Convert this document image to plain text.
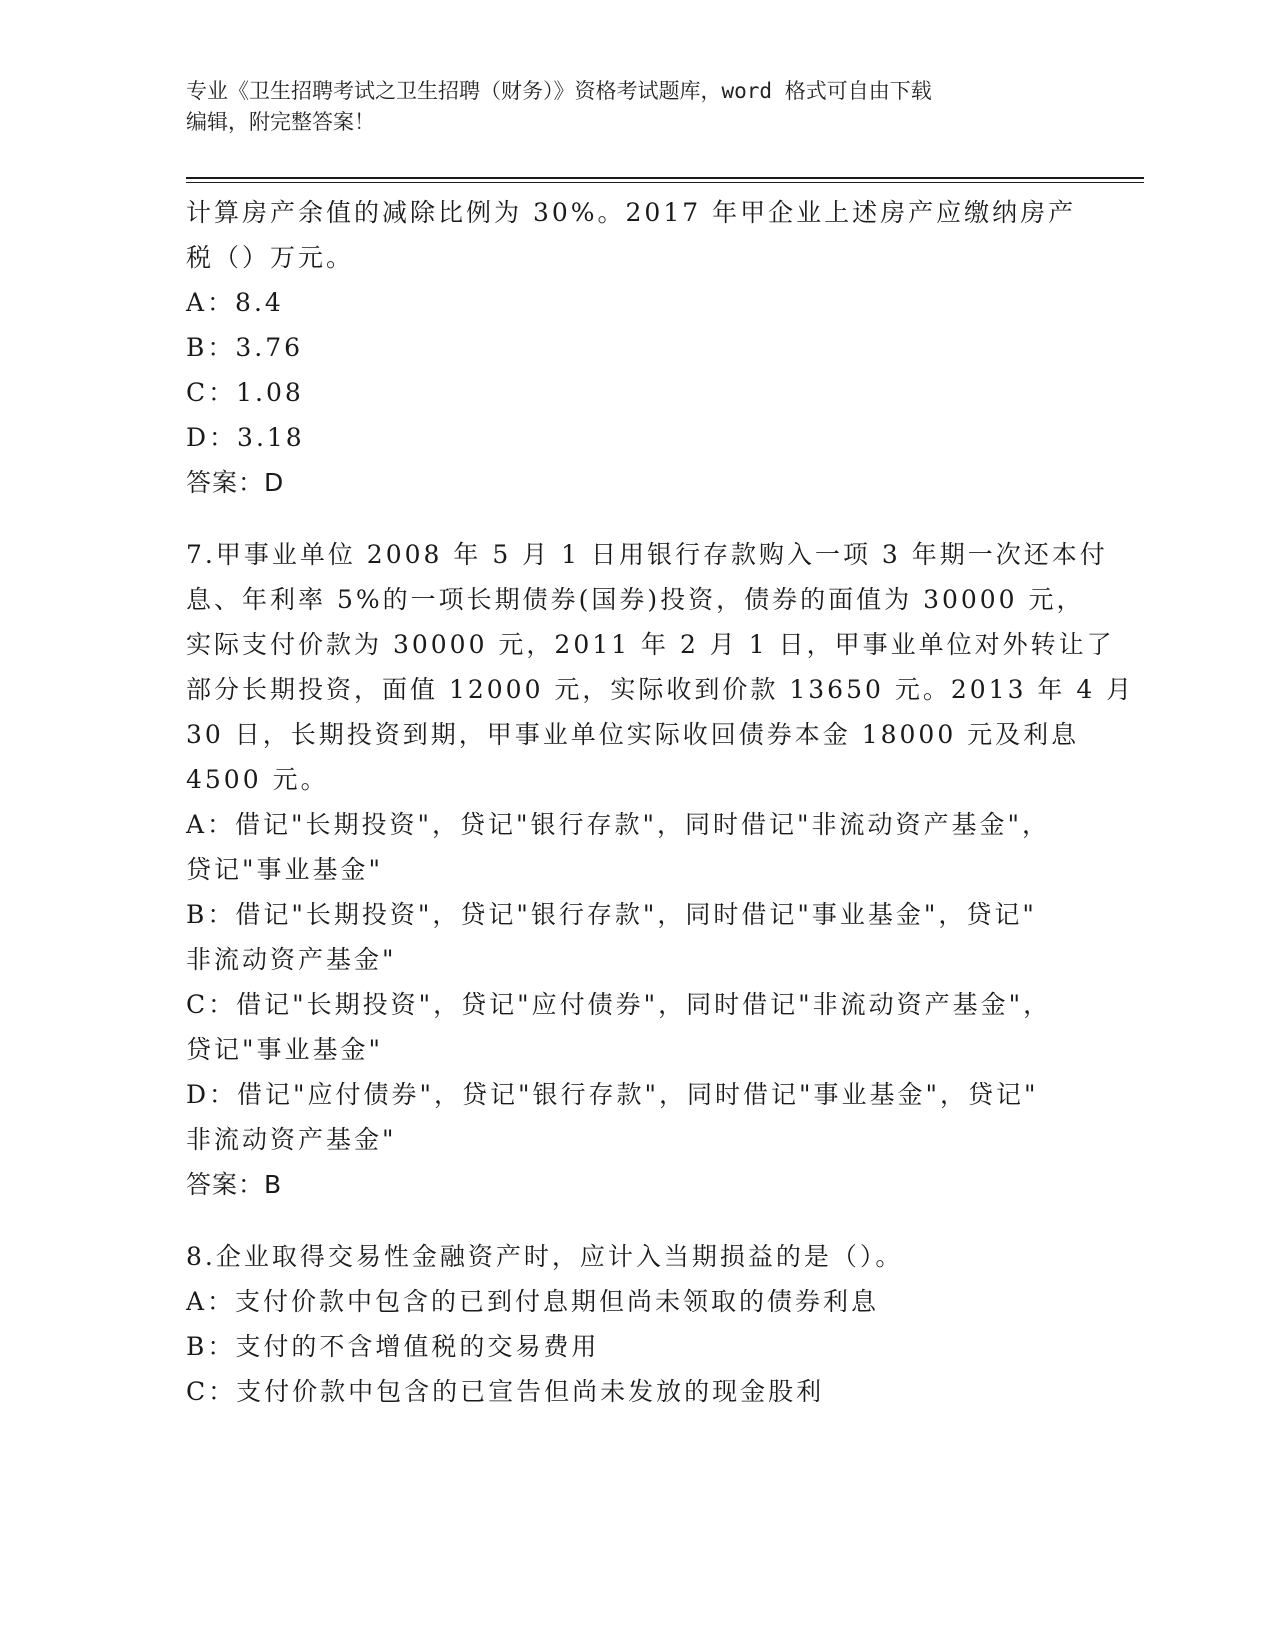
专业《卫生招聘考试之卫生招聘（财务）》资格考试题库，word 格式可自由下载
编辑，附完整答案！
计算房产余值的减除比例为 30%。2017 年甲企业上述房产应缴纳房产
税（）万元。
A：8.4
B：3.76
C：1.08
D：3.18
答案：D
7.甲事业单位 2008 年 5 月 1 日用银行存款购入一项 3 年期一次还本付
息、年利率 5%的一项长期债券(国券)投资，债券的面值为 30000 元，
实际支付价款为 30000 元，2011 年 2 月 1 日，甲事业单位对外转让了
部分长期投资，面值 12000 元，实际收到价款 13650 元。2013 年 4 月
30 日，长期投资到期，甲事业单位实际收回债券本金 18000 元及利息
4500 元。
A：借记"长期投资"，贷记"银行存款"，同时借记"非流动资产基金"，
贷记"事业基金"
B：借记"长期投资"，贷记"银行存款"，同时借记"事业基金"，贷记"
非流动资产基金"
C：借记"长期投资"，贷记"应付债券"，同时借记"非流动资产基金"，
贷记"事业基金"
D：借记"应付债券"，贷记"银行存款"，同时借记"事业基金"，贷记"
非流动资产基金"
答案：B
8.企业取得交易性金融资产时，应计入当期损益的是（）。
A：支付价款中包含的已到付息期但尚未领取的债券利息
B：支付的不含增值税的交易费用
C：支付价款中包含的已宣告但尚未发放的现金股利
